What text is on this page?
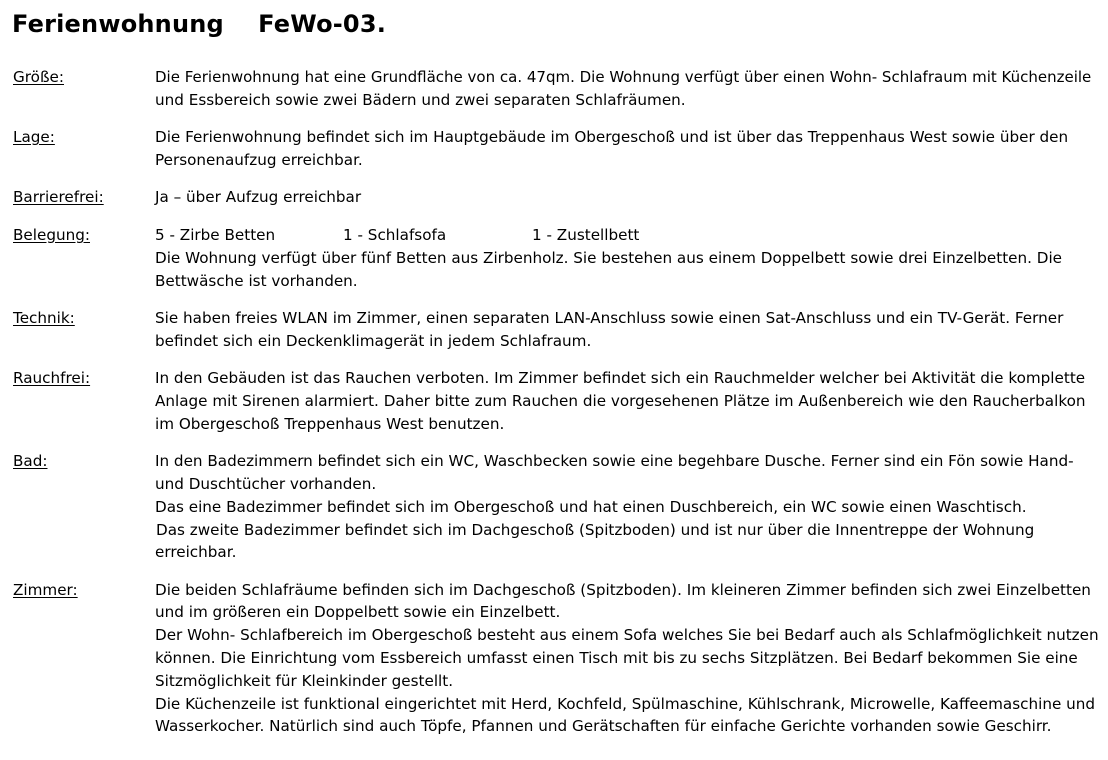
Ferienwohnung FeWo-03.
Größe:	Die Ferienwohnung hat eine Grundfläche von ca. 47qm. Die Wohnung verfügt über einen Wohn- Schlafraum mit Küchenzeile
und Essbereich sowie zwei Bädern und zwei separaten Schlafräumen.
Lage:	Die Ferienwohnung befindet sich im Hauptgebäude im Obergeschoß und ist über das Treppenhaus West sowie über den
Personenaufzug erreichbar.
Barrierefrei:	Ja – über Aufzug erreichbar
Belegung:	5 - Zirbe Betten	1 - Schlafsofa	1 - Zustellbett
Die Wohnung verfügt über fünf Betten aus Zirbenholz. Sie bestehen aus einem Doppelbett sowie drei Einzelbetten. Die
Bettwäsche ist vorhanden.
Technik:	Sie haben freies WLAN im Zimmer, einen separaten LAN-Anschluss sowie einen Sat-Anschluss und ein TV-Gerät. Ferner
befindet sich ein Deckenklimagerät in jedem Schlafraum.
Rauchfrei:	In den Gebäuden ist das Rauchen verboten. Im Zimmer befindet sich ein Rauchmelder welcher bei Aktivität die komplette
Anlage mit Sirenen alarmiert. Daher bitte zum Rauchen die vorgesehenen Plätze im Außenbereich wie den Raucherbalkon
im Obergeschoß Treppenhaus West benutzen.
Bad:	In den Badezimmern befindet sich ein WC, Waschbecken sowie eine begehbare Dusche. Ferner sind ein Fön sowie Hand-
und Duschtücher vorhanden.
Das eine Badezimmer befindet sich im Obergeschoß und hat einen Duschbereich, ein WC sowie einen Waschtisch.
Das zweite Badezimmer befindet sich im Dachgeschoß (Spitzboden) und ist nur über die Innentreppe der Wohnung
erreichbar.
Zimmer:	Die beiden Schlafräume befinden sich im Dachgeschoß (Spitzboden). Im kleineren Zimmer befinden sich zwei Einzelbetten
und im größeren ein Doppelbett sowie ein Einzelbett.
Der Wohn- Schlafbereich im Obergeschoß besteht aus einem Sofa welches Sie bei Bedarf auch als Schlafmöglichkeit nutzen
können. Die Einrichtung vom Essbereich umfasst einen Tisch mit bis zu sechs Sitzplätzen. Bei Bedarf bekommen Sie eine
Sitzmöglichkeit für Kleinkinder gestellt.
Die Küchenzeile ist funktional eingerichtet mit Herd, Kochfeld, Spülmaschine, Kühlschrank, Microwelle, Kaffeemaschine und
Wasserkocher. Natürlich sind auch Töpfe, Pfannen und Gerätschaften für einfache Gerichte vorhanden sowie Geschirr.
